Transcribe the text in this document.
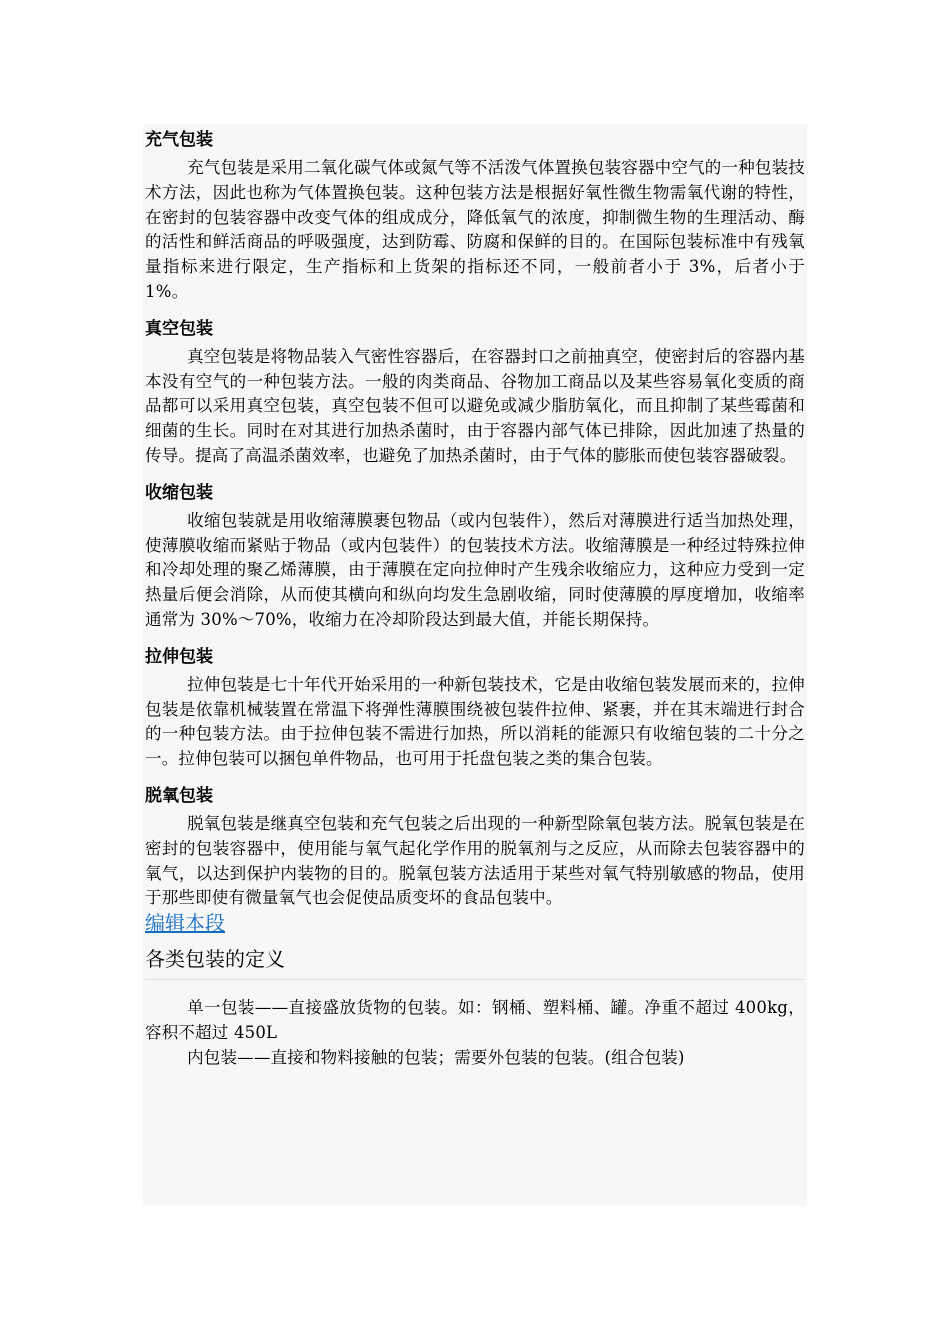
充气包装

充气包装是采用二氧化碳气体或氮气等不活泼气体置换包装容器中空气的一种包装技术方法，因此也称为气体置换包装。这种包装方法是根据好氧性微生物需氧代谢的特性，在密封的包装容器中改变气体的组成成分，降低氧气的浓度，抑制微生物的生理活动、酶的活性和鲜活商品的呼吸强度，达到防霉、防腐和保鲜的目的。在国际包装标准中有残氧量指标来进行限定，生产指标和上货架的指标还不同，一般前者小于 3%，后者小于 1%。

真空包装

真空包装是将物品装入气密性容器后，在容器封口之前抽真空，使密封后的容器内基本没有空气的一种包装方法。一般的肉类商品、谷物加工商品以及某些容易氧化变质的商品都可以采用真空包装，真空包装不但可以避免或减少脂肪氧化，而且抑制了某些霉菌和细菌的生长。同时在对其进行加热杀菌时，由于容器内部气体已排除，因此加速了热量的传导。提高了高温杀菌效率，也避免了加热杀菌时，由于气体的膨胀而使包装容器破裂。

收缩包装

收缩包装就是用收缩薄膜裹包物品（或内包装件），然后对薄膜进行适当加热处理，使薄膜收缩而紧贴于物品（或内包装件）的包装技术方法。收缩薄膜是一种经过特殊拉伸和冷却处理的聚乙烯薄膜，由于薄膜在定向拉伸时产生残余收缩应力，这种应力受到一定热量后便会消除，从而使其横向和纵向均发生急剧收缩，同时使薄膜的厚度增加，收缩率通常为 30%～70%，收缩力在冷却阶段达到最大值，并能长期保持。

拉伸包装

拉伸包装是七十年代开始采用的一种新包装技术，它是由收缩包装发展而来的，拉伸包装是依靠机械装置在常温下将弹性薄膜围绕被包装件拉伸、紧裹，并在其末端进行封合的一种包装方法。由于拉伸包装不需进行加热，所以消耗的能源只有收缩包装的二十分之一。拉伸包装可以捆包单件物品，也可用于托盘包装之类的集合包装。

脱氧包装

脱氧包装是继真空包装和充气包装之后出现的一种新型除氧包装方法。脱氧包装是在密封的包装容器中，使用能与氧气起化学作用的脱氧剂与之反应，从而除去包装容器中的氧气，以达到保护内装物的目的。脱氧包装方法适用于某些对氧气特别敏感的物品，使用于那些即使有微量氧气也会促使品质变坏的食品包装中。

编辑本段
各类包装的定义

单一包装——直接盛放货物的包装。如：钢桶、塑料桶、罐。净重不超过 400kg，容积不超过 450L

内包装——直接和物料接触的包装；需要外包装的包装。(组合包装)
